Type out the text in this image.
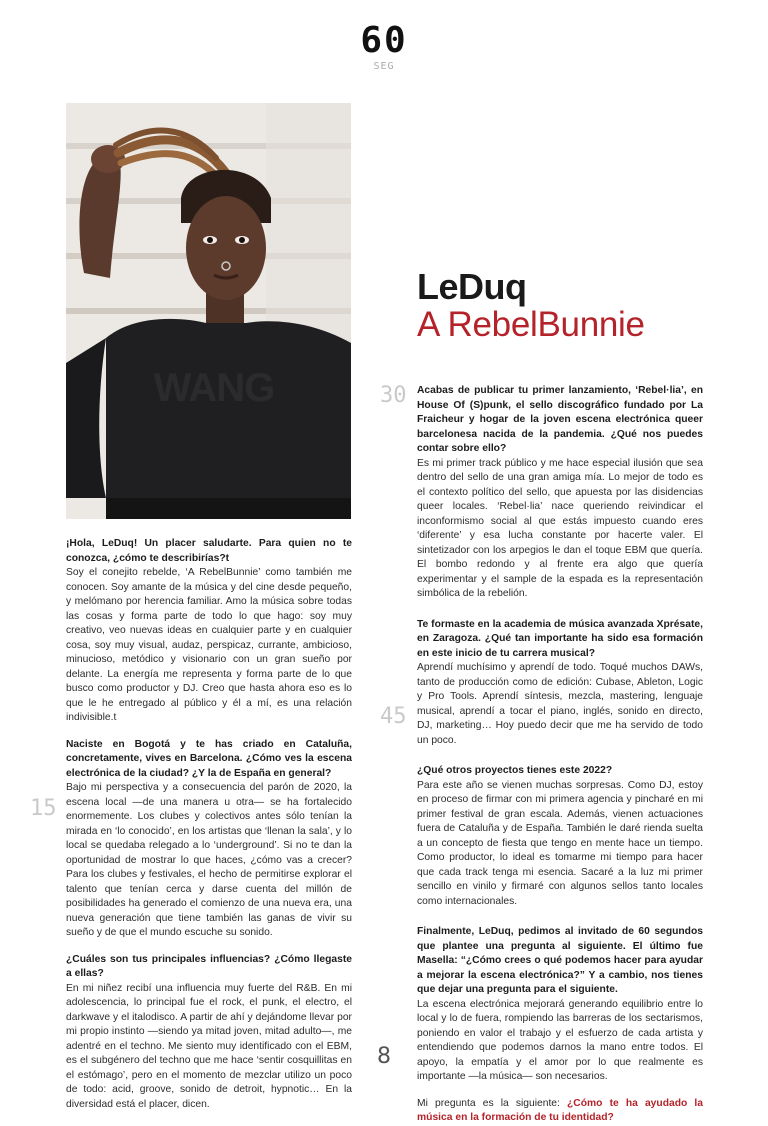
60
SEG
WANG
LeDuq
A RebelBunnie
30
45
15
¡Hola, LeDuq! Un placer saludarte. Para quien no te conozca, ¿cómo te describirías?t
Soy el conejito rebelde, ‘A RebelBunnie’ como también me conocen. Soy amante de la música y del cine desde pequeño, y melómano por herencia familiar. Amo la música sobre todas las cosas y forma parte de todo lo que hago: soy muy creativo, veo nuevas ideas en cualquier parte y en cualquier cosa, soy muy visual, audaz, perspicaz, currante, ambicioso, minucioso, metódico y visionario con un gran sueño por delante. La energía me representa y forma parte de lo que busco como productor y DJ. Creo que hasta ahora eso es lo que le he entregado al público y él a mí, es una relación indivisible.t
Naciste en Bogotá y te has criado en Cataluña, concretamente, vives en Barcelona. ¿Cómo ves la escena electrónica de la ciudad? ¿Y la de España en general?
Bajo mi perspectiva y a consecuencia del parón de 2020, la escena local —de una manera u otra— se ha fortalecido enormemente. Los clubes y colectivos antes sólo tenían la mirada en ‘lo conocido’, en los artistas que ‘llenan la sala’, y lo local se quedaba relegado a lo ‘underground’. Si no te dan la oportunidad de mostrar lo que haces, ¿cómo vas a crecer? Para los clubes y festivales, el hecho de permitirse explorar el talento que tenían cerca y darse cuenta del millón de posibilidades ha generado el comienzo de una nueva era, una nueva generación que tiene también las ganas de vivir su sueño y de que el mundo escuche su sonido.
¿Cuáles son tus principales influencias? ¿Cómo llegaste a ellas?
En mi niñez recibí una influencia muy fuerte del R&B. En mi adolescencia, lo principal fue el rock, el punk, el electro, el darkwave y el italodisco. A partir de ahí y dejándome llevar por mi propio instinto —siendo ya mitad joven, mitad adulto—, me adentré en el techno. Me siento muy identificado con el EBM, es el subgénero del techno que me hace ‘sentir cosquillitas en el estómago’, pero en el momento de mezclar utilizo un poco de todo: acid, groove, sonido de detroit, hypnotic… En la diversidad está el placer, dicen.
Acabas de publicar tu primer lanzamiento, ‘Rebel·lia’, en House Of (S)punk, el sello discográfico fundado por La Fraicheur y hogar de la joven escena electrónica queer barcelonesa nacida de la pandemia. ¿Qué nos puedes contar sobre ello?
Es mi primer track público y me hace especial ilusión que sea dentro del sello de una gran amiga mía. Lo mejor de todo es el contexto político del sello, que apuesta por las disidencias queer locales. ‘Rebel·lia’ nace queriendo reivindicar el inconformismo social al que estás impuesto cuando eres ‘diferente’ y esa lucha constante por hacerte valer. El sintetizador con los arpegios le dan el toque EBM que quería. El bombo redondo y al frente era algo que quería experimentar y el sample de la espada es la representación simbólica de la rebelión.
Te formaste en la academia de música avanzada Xprésate, en Zaragoza. ¿Qué tan importante ha sido esa formación en este inicio de tu carrera musical?
Aprendí muchísimo y aprendí de todo. Toqué muchos DAWs, tanto de producción como de edición: Cubase, Ableton, Logic y Pro Tools. Aprendí síntesis, mezcla, mastering, lenguaje musical, aprendí a tocar el piano, inglés, sonido en directo, DJ, marketing… Hoy puedo decir que me ha servido de todo un poco.
¿Qué otros proyectos tienes este 2022?
Para este año se vienen muchas sorpresas. Como DJ, estoy en proceso de firmar con mi primera agencia y pincharé en mi primer festival de gran escala. Además, vienen actuaciones fuera de Cataluña y de España. También le daré rienda suelta a un concepto de fiesta que tengo en mente hace un tiempo. Como productor, lo ideal es tomarme mi tiempo para hacer que cada track tenga mi esencia. Sacaré a la luz mi primer sencillo en vinilo y firmaré con algunos sellos tanto locales como internacionales.
Finalmente, LeDuq, pedimos al invitado de 60 segundos que plantee una pregunta al siguiente. El último fue Masella: “¿Cómo crees o qué podemos hacer para ayudar a mejorar la escena electrónica?” Y a cambio, nos tienes que dejar una pregunta para el siguiente.
La escena electrónica mejorará generando equilibrio entre lo local y lo de fuera, rompiendo las barreras de los sectarismos, poniendo en valor el trabajo y el esfuerzo de cada artista y entendiendo que podemos darnos la mano entre todos. El apoyo, la empatía y el amor por lo que realmente es importante —la música— son necesarios.
Mi pregunta es la siguiente: ¿Cómo te ha ayudado la música en la formación de tu identidad?
8
